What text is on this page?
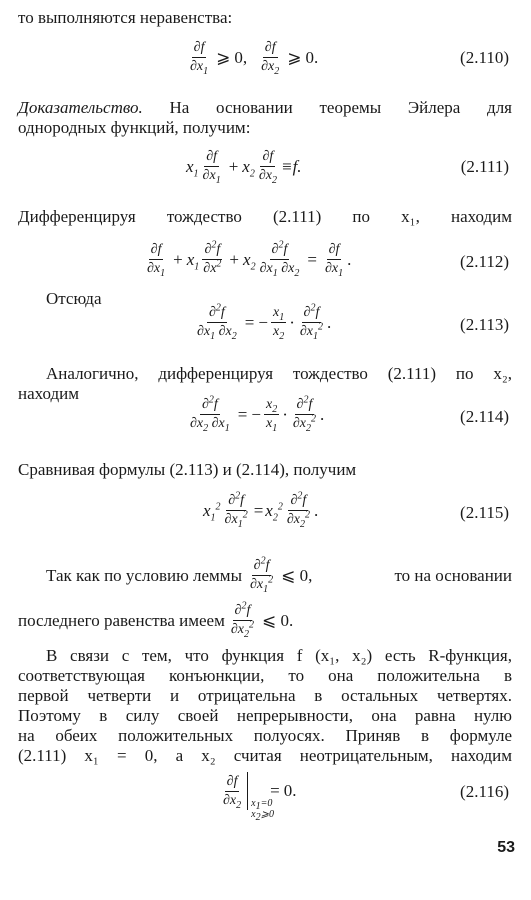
то выполняются неравенства:
$\frac{\partial f}{\partial x_1}$ ⩾ 0, $\frac{\partial f}{\partial x_2}$ ⩾ 0.	(2.110)
Доказательство. На основании теоремы Эйлера для
однородных функций, получим:
$x_1 \frac{\partial f}{\partial x_1} + x_2 \frac{\partial f}{\partial x_2} \equiv f$.	(2.111)
Дифференцируя тождество (2.111) по x₁, находим
$\frac{\partial f}{\partial x_1} + x_1 \frac{\partial^2f}{\partial x^2} + x_2 \frac{\partial^2f}{\partial x_1 \partial x_2} = \frac{\partial f}{\partial x_1}$ .	(2.112)
Отсюда
$\frac{\partial^2f}{\partial x_1 \partial x_2}$ = − $\frac{x_1}{x_2} \cdot \frac{\partial^2f}{\partial x_1^2}$ .	(2.113)
Аналогично, дифференцируя тождество (2.111) по x₂,
находим
$\frac{\partial^2f}{\partial x_2 \partial x_1}$ = − $\frac{x_2}{x_1} \cdot \frac{\partial^2f}{\partial x_2^2}$ .	(2.114)
Сравнивая формулы (2.113) и (2.114), получим
$x_1^2 \frac{\partial^2f}{\partial x_1^2} = x_2^2 \frac{\partial^2f}{\partial x_2^2}$ .	(2.115)
Так как по условию леммы $\frac{\partial^2f}{\partial x_1^2}$ ⩽ 0,	то на основании
последнего равенства имеем $\frac{\partial^2f}{\partial x_2^2}$ ⩽ 0.
В связи с тем, что функция f (x₁, x₂) есть R-функция,
соответствующая конъюнкции, то она положительна в
первой четверти и отрицательна в остальных четвертях.
Поэтому в силу своей непрерывности, она равна нулю
на обеих положительных полуосях. Приняв в формуле
(2.111) x₁ = 0, а x₂ считая неотрицательным, находим
$\frac{\partial f}{\partial x_2} x_1=0$
$x_2⩾0$
= 0.	(2.116)
53
